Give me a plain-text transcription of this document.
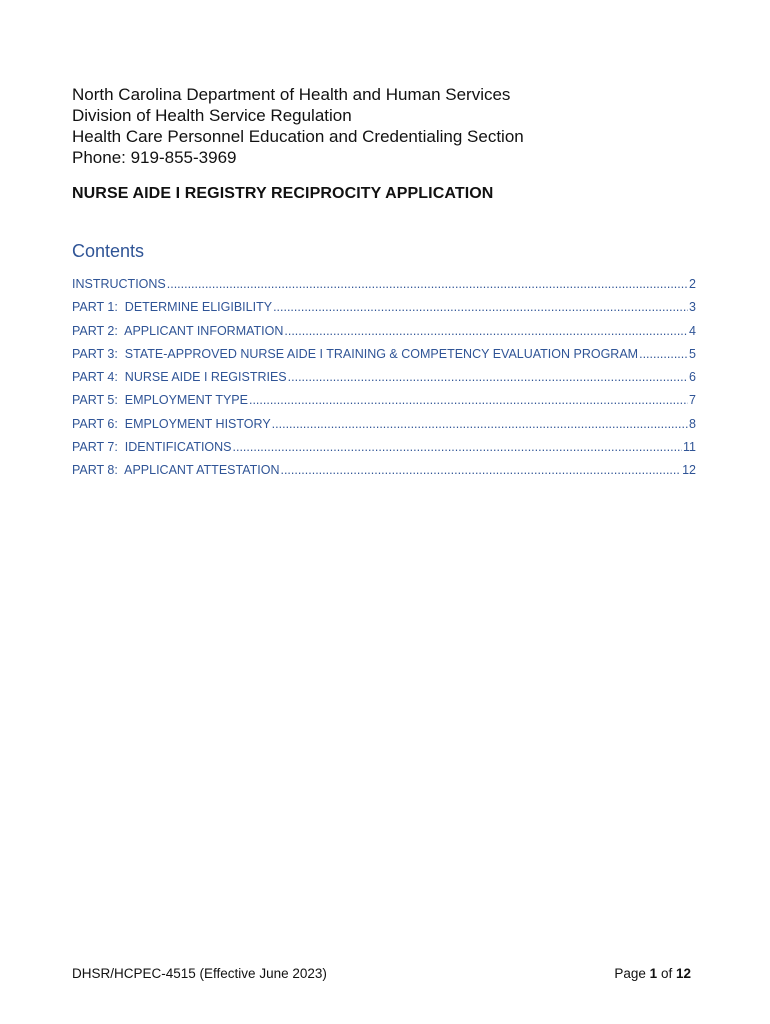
North Carolina Department of Health and Human Services
Division of Health Service Regulation
Health Care Personnel Education and Credentialing Section
Phone: 919-855-3969
NURSE AIDE I REGISTRY RECIPROCITY APPLICATION
Contents
INSTRUCTIONS .....	2
PART 1:  DETERMINE ELIGIBILITY .....	3
PART 2:  APPLICANT INFORMATION .....	4
PART 3:  STATE-APPROVED NURSE AIDE I TRAINING & COMPETENCY EVALUATION PROGRAM .....	5
PART 4:  NURSE AIDE I REGISTRIES .....	6
PART 5:  EMPLOYMENT TYPE .....	7
PART 6:  EMPLOYMENT HISTORY .....	8
PART 7:  IDENTIFICATIONS .....	11
PART 8:  APPLICANT ATTESTATION .....	12
DHSR/HCPEC-4515 (Effective June 2023)	Page 1 of 12
